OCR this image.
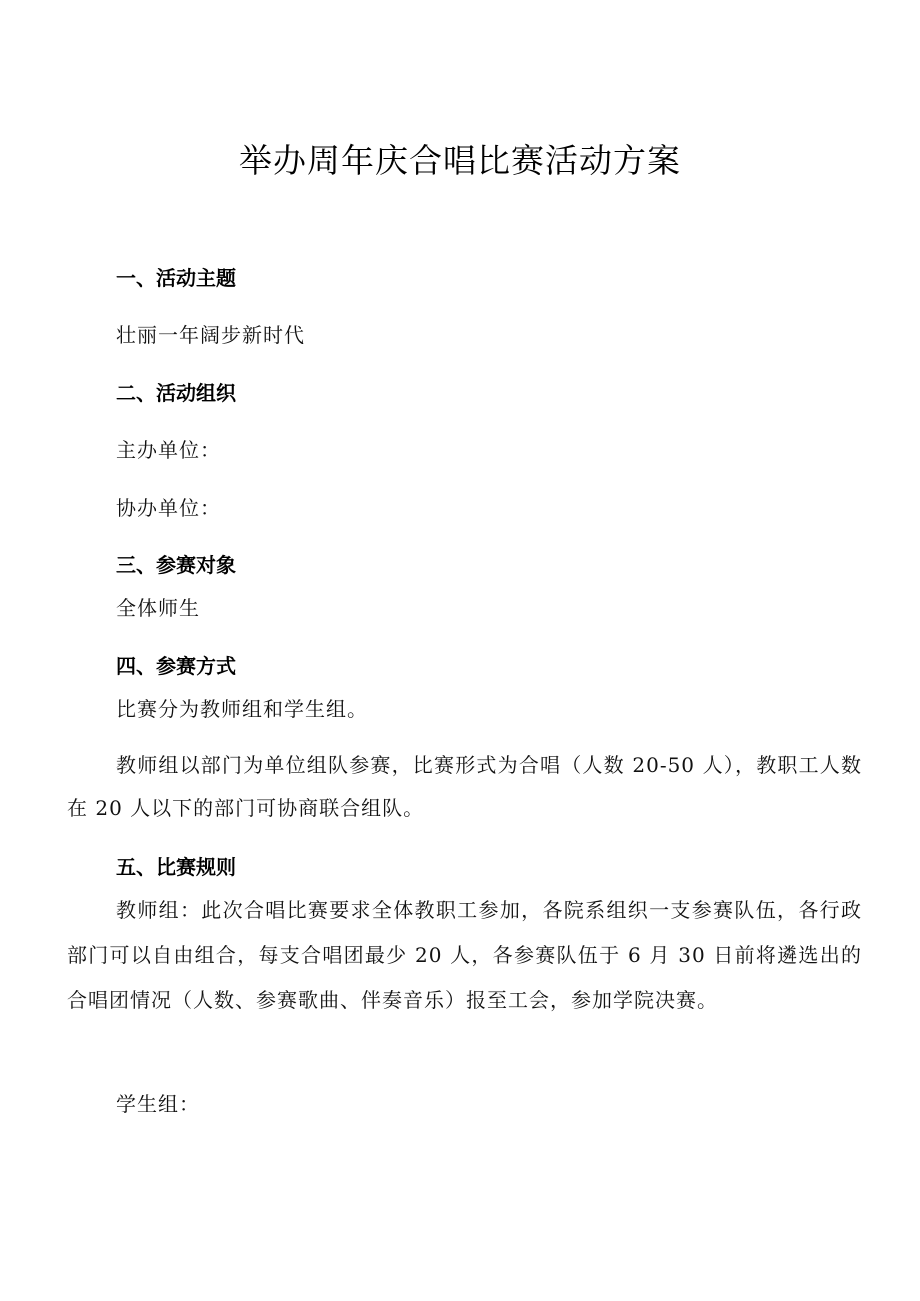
举办周年庆合唱比赛活动方案
一、活动主题

壮丽一年阔步新时代

二、活动组织

主办单位：

协办单位：

三、参赛对象

全体师生

四、参赛方式

比赛分为教师组和学生组。

教师组以部门为单位组队参赛，比赛形式为合唱（人数 20-50 人），教职工人数在 20 人以下的部门可协商联合组队。

五、比赛规则

教师组：此次合唱比赛要求全体教职工参加，各院系组织一支参赛队伍，各行政部门可以自由组合，每支合唱团最少 20 人，各参赛队伍于 6 月 30 日前将遴选出的合唱团情况（人数、参赛歌曲、伴奏音乐）报至工会，参加学院决赛。

学生组：
